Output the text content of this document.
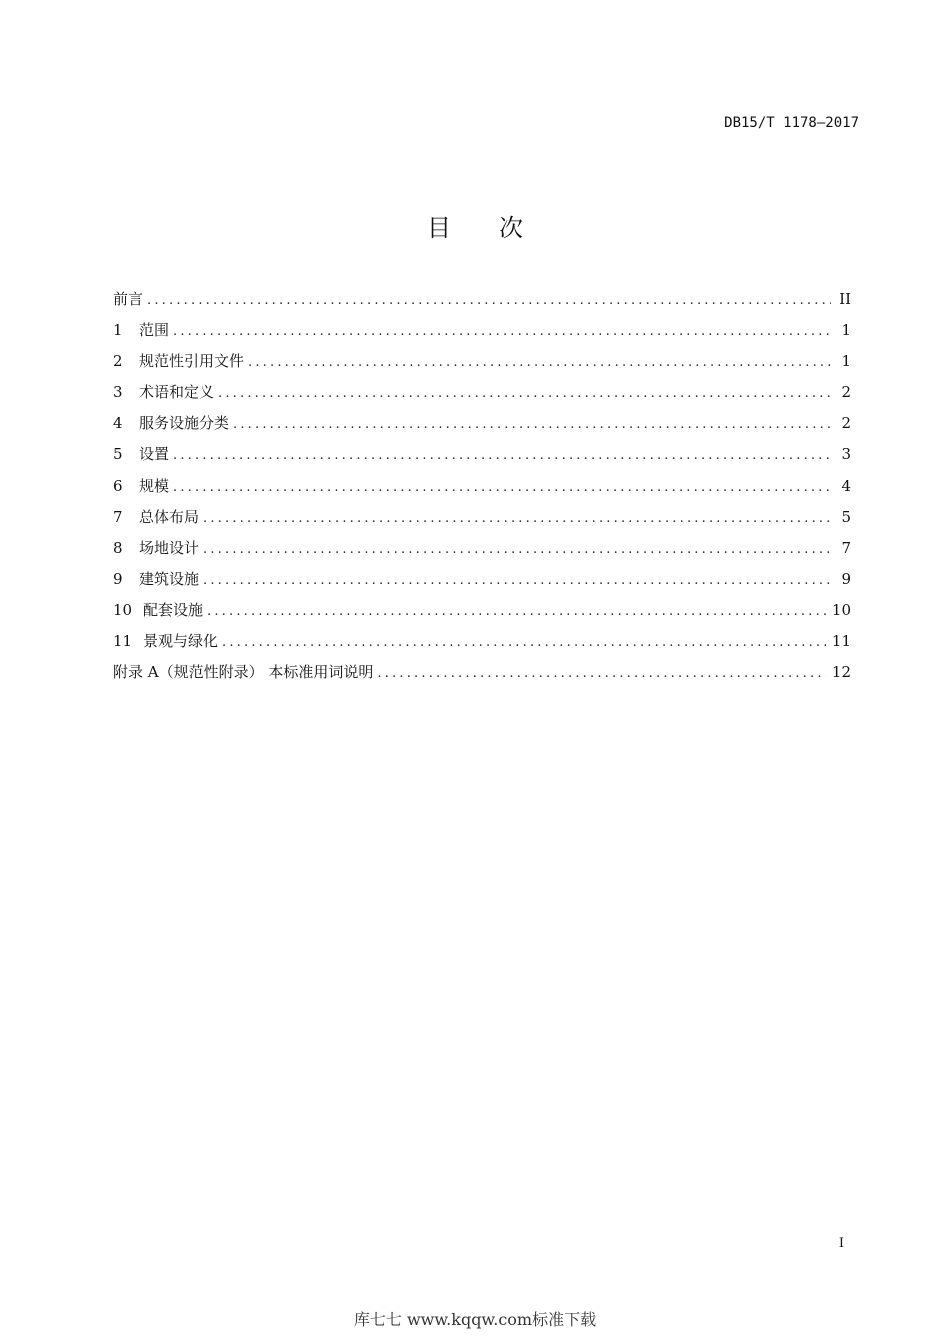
DB15/T 1178—2017
目次
前言 .....	II
1	范围 .....	1
2	规范性引用文件 .....	1
3	术语和定义 .....	2
4	服务设施分类 .....	2
5	设置 .....	3
6	规模 .....	4
7	总体布局 .....	5
8	场地设计 .....	7
9	建筑设施 .....	9
10 配套设施 .....	10
11 景观与绿化 .....	11
附录 A（规范性附录） 本标准用词说明 .....	12
I
库七七 www.kqqw.com标准下载
